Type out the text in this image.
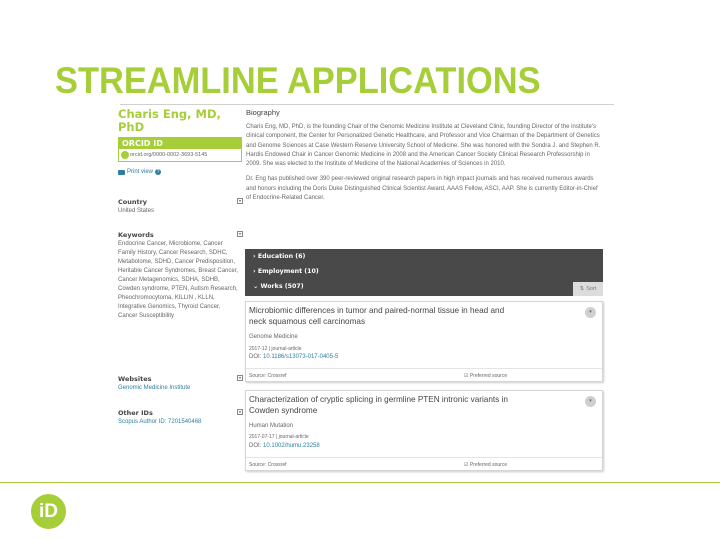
STREAMLINE APPLICATIONS
Charis Eng, MD, PhD
ORCID ID
orcid.org/0000-0002-3693-5145
Print view ?
Country	▾
United States
Keywords	▾
Endocrine Cancer, Microbiome, Cancer Family History, Cancer Research, SDHC, Metabolome, SDHD, Cancer Predisposition, Heritable Cancer Syndromes, Breast Cancer, Cancer Metagenomics, SDHA, SDHB, Cowden syndrome, PTEN, Autism Research, Pheochromocytoma, KILLIN , KLLN, Integrative Genomics, Thyroid Cancer, Cancer Susceptibility
Websites	▾
Genomic Medicine Institute
Other IDs	▾
Scopus Author ID: 7201540468
Biography
Charis Eng, MD, PhD, is the founding Chair of the Genomic Medicine Institute at Cleveland Clinic, founding Director of the institute's clinical component, the Center for Personalized Genetic Healthcare, and Professor and Vice Chairman of the Department of Genetics and Genome Sciences at Case Western Reserve University School of Medicine. She was honored with the Sondra J. and Stephen R. Hardis Endowed Chair in Cancer Genomic Medicine in 2008 and the American Cancer Society Clinical Research Professorship in 2009. She was elected to the Institute of Medicine of the National Academies of Sciences in 2010.
Dr. Eng has published over 390 peer-reviewed original research papers in high impact journals and has received numerous awards and honors including the Doris Duke Distinguished Clinical Scientist Award, AAAS Fellow, ASCI, AAP. She is currently Editor-in-Chief of Endocrine-Related Cancer.
› Education (6)
› Employment (10)
⌄ Works (507)	⇅ Sort
Microbiomic differences in tumor and paired-normal tissue in head and neck squamous cell carcinomas
▾
Genome Medicine
2017-12 | journal-article
DOI: 10.1186/s13073-017-0405-5
Source: Crossref	☑ Preferred source
Characterization of cryptic splicing in germline PTEN intronic variants in Cowden syndrome
▾
Human Mutation
2017-07-17 | journal-article
DOI: 10.1002/humu.23258
Source: Crossref	☑ Preferred source
iD
